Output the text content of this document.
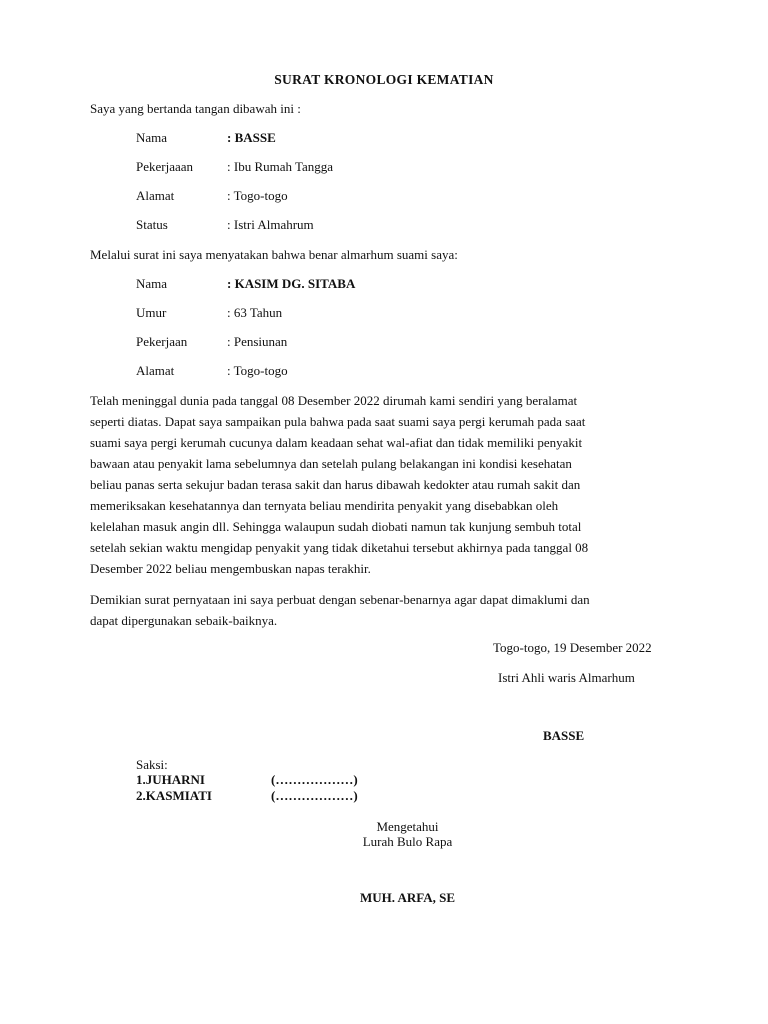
SURAT KRONOLOGI KEMATIAN
Saya yang bertanda tangan dibawah ini :
Nama	: BASSE
Pekerjaaan	: Ibu Rumah Tangga
Alamat	: Togo-togo
Status	: Istri Almahrum
Melalui surat ini saya menyatakan bahwa benar almarhum suami saya:
Nama	: KASIM DG. SITABA
Umur	: 63 Tahun
Pekerjaan	: Pensiunan
Alamat	: Togo-togo
Telah meninggal dunia pada tanggal 08 Desember 2022 dirumah kami sendiri yang beralamat
seperti diatas. Dapat saya sampaikan pula bahwa pada saat suami saya pergi kerumah pada saat
suami saya pergi kerumah cucunya dalam keadaan sehat wal-afiat dan tidak memiliki penyakit
bawaan atau penyakit lama sebelumnya dan setelah pulang belakangan ini kondisi kesehatan
beliau panas serta sekujur badan terasa sakit dan harus dibawah kedokter atau rumah sakit dan
memeriksakan kesehatannya dan ternyata beliau mendirita penyakit yang disebabkan oleh
kelelahan masuk angin dll. Sehingga walaupun sudah diobati namun tak kunjung sembuh total
setelah sekian waktu mengidap penyakit yang tidak diketahui tersebut akhirnya pada tanggal 08
Desember 2022 beliau mengembuskan napas terakhir.
Demikian surat pernyataan ini saya perbuat dengan sebenar-benarnya agar dapat dimaklumi dan
dapat dipergunakan sebaik-baiknya.
Togo-togo, 19 Desember 2022
Istri Ahli waris Almarhum
BASSE
Saksi:
1.JUHARNI	(………………)
2.KASMIATI	(………………)
Mengetahui
Lurah Bulo Rapa
MUH. ARFA, SE
